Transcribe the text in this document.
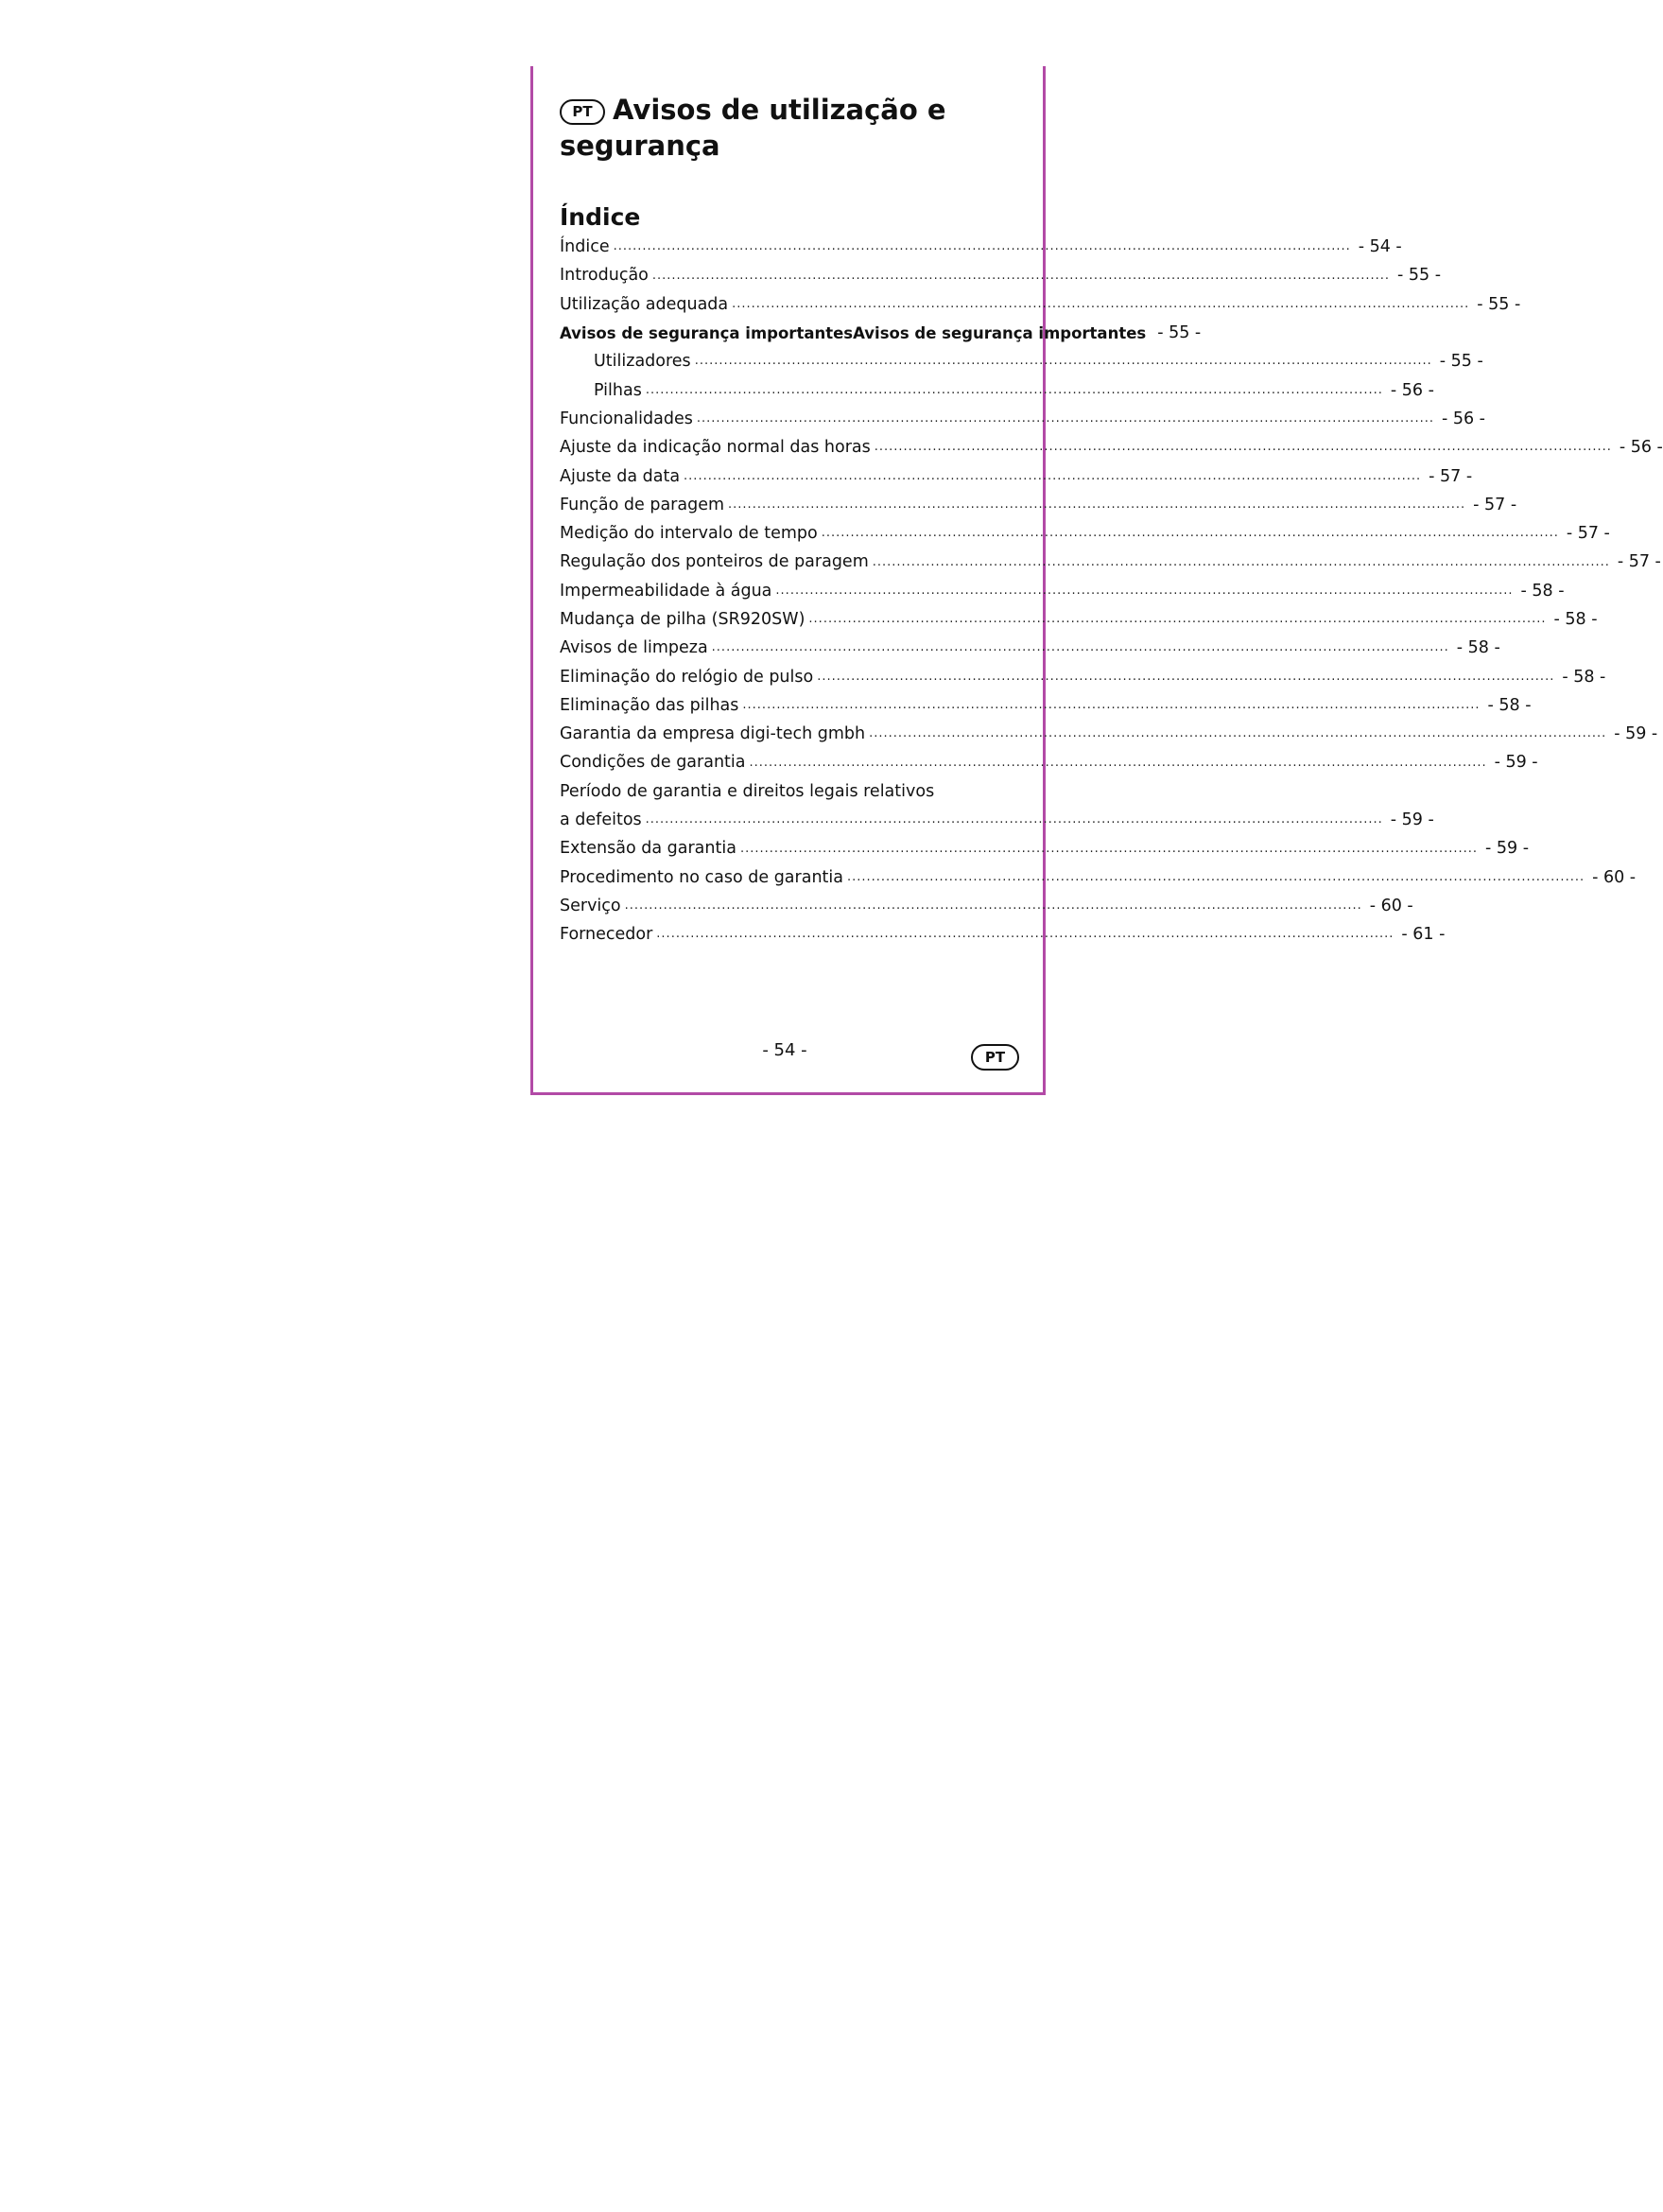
PT Avisos de utilização e
segurança
Índice
Índice .....	- 54 -
Introdução .....	- 55 -
Utilização adequada .....	- 55 -
Avisos de segurança importantesAvisos de segurança importantes - 55 -
Utilizadores .....	- 55 -
Pilhas .....	- 56 -
Funcionalidades .....	- 56 -
Ajuste da indicação normal das horas .....	- 56 -
Ajuste da data .....	- 57 -
Função de paragem .....	- 57 -
Medição do intervalo de tempo .....	- 57 -
Regulação dos ponteiros de paragem .....	- 57 -
Impermeabilidade à água .....	- 58 -
Mudança de pilha (SR920SW) .....	- 58 -
Avisos de limpeza .....	- 58 -
Eliminação do relógio de pulso .....	- 58 -
Eliminação das pilhas .....	- 58 -
Garantia da empresa digi-tech gmbh .....	- 59 -
Condições de garantia .....	- 59 -
Período de garantia e direitos legais relativos
a defeitos .....	- 59 -
Extensão da garantia .....	- 59 -
Procedimento no caso de garantia .....	- 60 -
Serviço .....	- 60 -
Fornecedor .....	- 61 -
- 54 -	PT
